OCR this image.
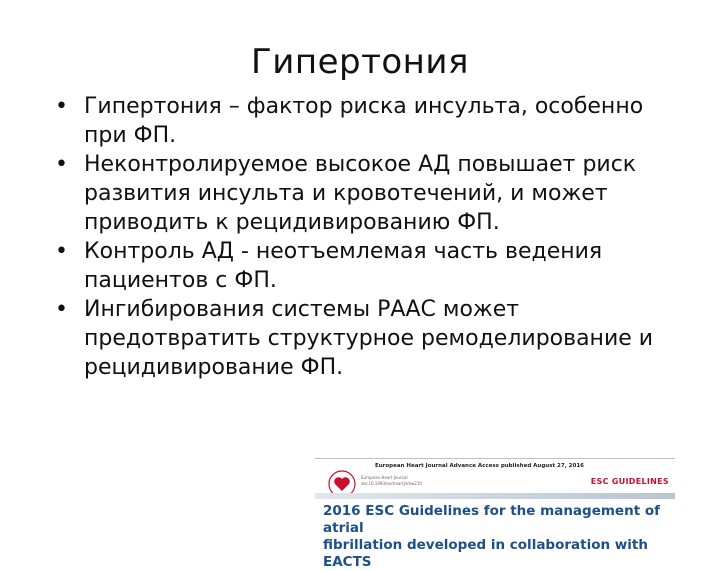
Гипертония
• Гипертония – фактор риска инсульта, особенно при ФП.
• Неконтролируемое высокое АД повышает риск развития инсульта и кровотечений, и может приводить к рецидивированию ФП.
• Контроль АД - неотъемлемая часть ведения пациентов с ФП.
• Ингибирования системы РААС может предотвратить структурное ремоделирование и рецидивирование ФП.
European Heart Journal Advance Access published August 27, 2016
European Heart Journal
doi:10.1093/eurheartj/ehw210	ESC GUIDELINES
2016 ESC Guidelines for the management of atrial
fibrillation developed in collaboration with EACTS
